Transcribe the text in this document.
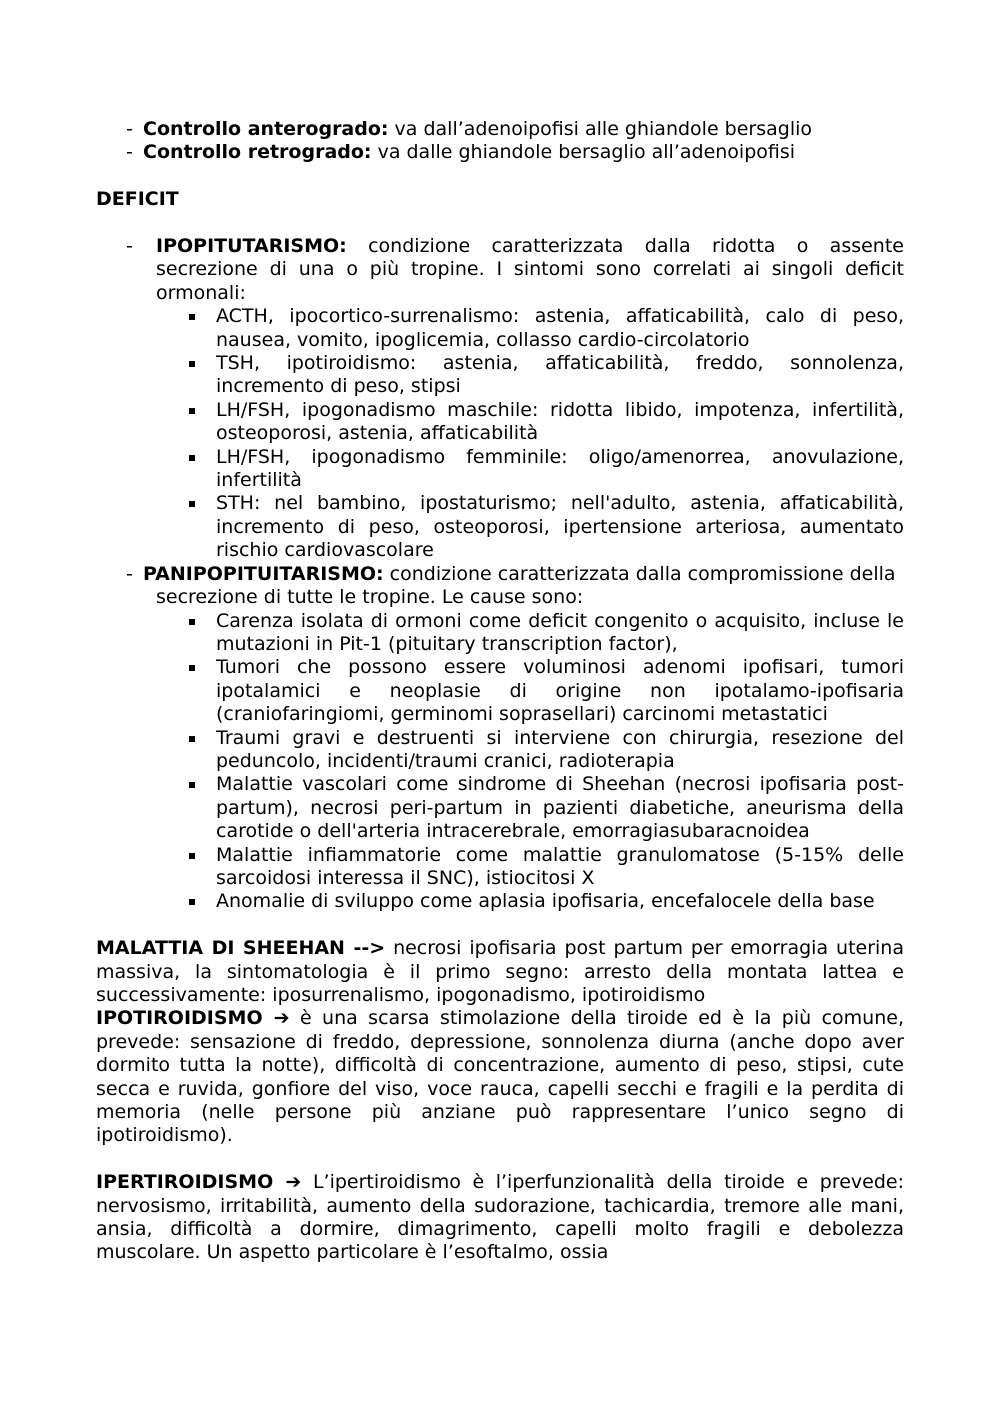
- Controllo anterogrado: va dall’adenoipofisi alle ghiandole bersaglio
- Controllo retrogrado: va dalle ghiandole bersaglio all’adenoipofisi

DEFICIT

- IPOPITUTARISMO: condizione caratterizzata dalla ridotta o assente secrezione di una o più tropine. I sintomi sono correlati ai singoli deficit ormonali:

ACTH, ipocortico-surrenalismo: astenia, affaticabilità, calo di peso, nausea, vomito, ipoglicemia, collasso cardio-circolatorio
TSH, ipotiroidismo: astenia, affaticabilità, freddo, sonnolenza, incremento di peso, stipsi
LH/FSH, ipogonadismo maschile: ridotta libido, impotenza, infertilità, osteoporosi, astenia, affaticabilità
LH/FSH, ipogonadismo femminile: oligo/amenorrea, anovulazione, infertilità
STH: nel bambino, ipostaturismo; nell'adulto, astenia, affaticabilità, incremento di peso, osteoporosi, ipertensione arteriosa, aumentato rischio cardiovascolare
- PANIPOPITUITARISMO: condizione caratterizzata dalla compromissione della secrezione di tutte le tropine. Le cause sono:
Carenza isolata di ormoni come deficit congenito o acquisito, incluse le mutazioni in Pit-1 (pituitary transcription factor),
Tumori che possono essere voluminosi adenomi ipofisari, tumori ipotalamici e neoplasie di origine non ipotalamo-ipofisaria (craniofaringiomi, germinomi soprasellari) carcinomi metastatici
Traumi gravi e destruenti si interviene con chirurgia, resezione del peduncolo, incidenti/traumi cranici, radioterapia
Malattie vascolari come sindrome di Sheehan (necrosi ipofisaria post-partum), necrosi peri-partum in pazienti diabetiche, aneurisma della carotide o dell'arteria intracerebrale, emorragiasubaracnoidea
Malattie infiammatorie come malattie granulomatose (5-15% delle sarcoidosi interessa il SNC), istiocitosi X
Anomalie di sviluppo come aplasia ipofisaria, encefalocele della base

MALATTIA DI SHEEHAN --> necrosi ipofisaria post partum per emorragia uterina massiva, la sintomatologia è il primo segno: arresto della montata lattea e successivamente: iposurrenalismo, ipogonadismo, ipotiroidismo

IPOTIROIDISMO ➔ è una scarsa stimolazione della tiroide ed è la più comune, prevede: sensazione di freddo, depressione, sonnolenza diurna (anche dopo aver dormito tutta la notte), difficoltà di concentrazione, aumento di peso, stipsi, cute secca e ruvida, gonfiore del viso, voce rauca, capelli secchi e fragili e la perdita di memoria (nelle persone più anziane può rappresentare l’unico segno di ipotiroidismo).

IPERTIROIDISMO ➔ L’ipertiroidismo è l’iperfunzionalità della tiroide e prevede: nervosismo, irritabilità, aumento della sudorazione, tachicardia, tremore alle mani, ansia, difficoltà a dormire, dimagrimento, capelli molto fragili e debolezza muscolare. Un aspetto particolare è l’esoftalmo, ossia
